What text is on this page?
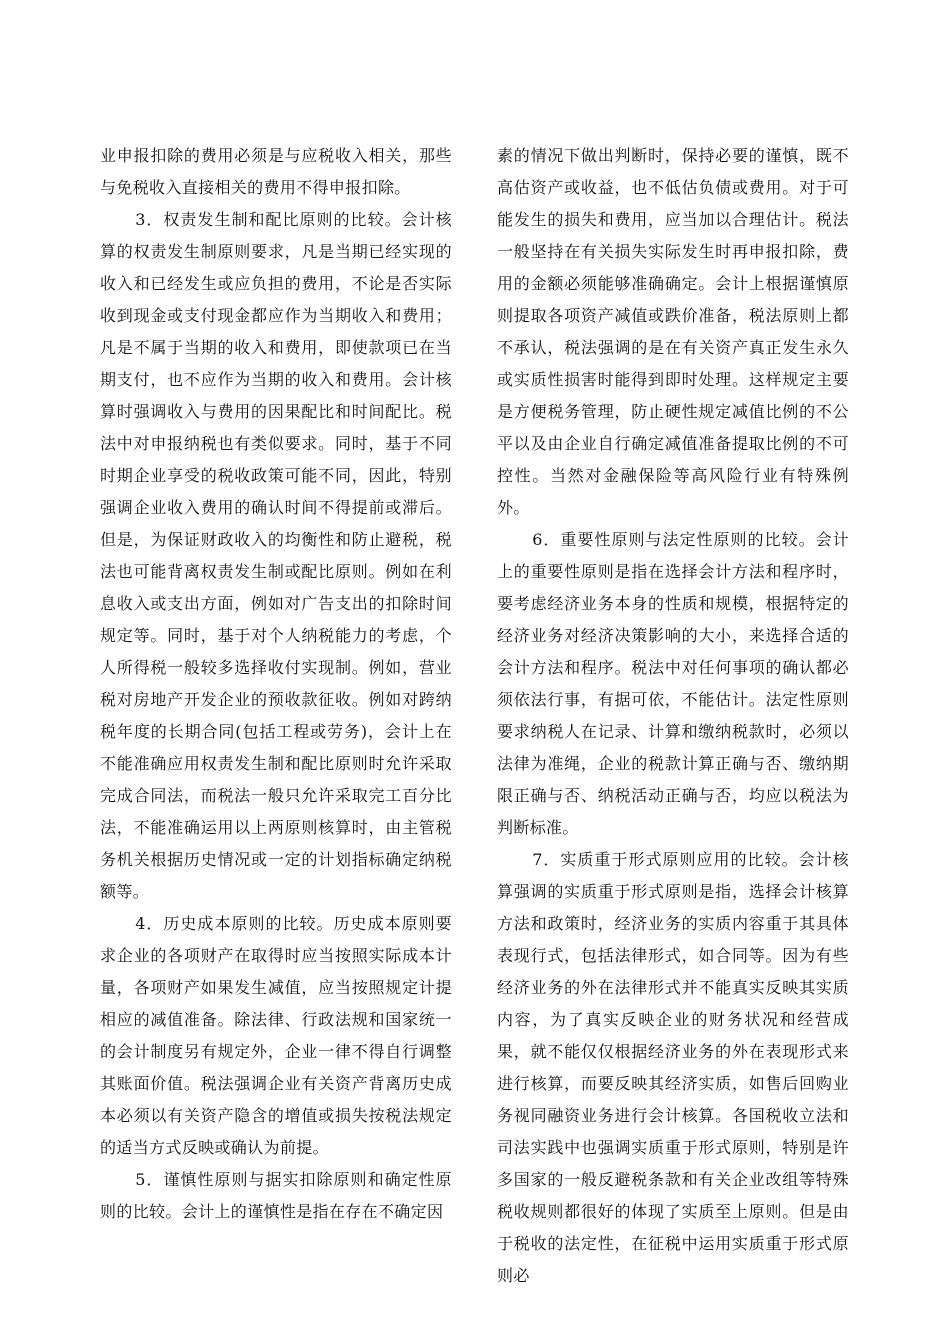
业申报扣除的费用必须是与应税收入相关，那些与免税收入直接相关的费用不得申报扣除。

3．权责发生制和配比原则的比较。会计核算的权责发生制原则要求，凡是当期已经实现的收入和已经发生或应负担的费用，不论是否实际收到现金或支付现金都应作为当期收入和费用；凡是不属于当期的收入和费用，即使款项已在当期支付，也不应作为当期的收入和费用。会计核算时强调收入与费用的因果配比和时间配比。税法中对申报纳税也有类似要求。同时，基于不同时期企业享受的税收政策可能不同，因此，特别强调企业收入费用的确认时间不得提前或滞后。但是，为保证财政收入的均衡性和防止避税，税法也可能背离权责发生制或配比原则。例如在利息收入或支出方面，例如对广告支出的扣除时间规定等。同时，基于对个人纳税能力的考虑，个人所得税一般较多选择收付实现制。例如，营业税对房地产开发企业的预收款征收。例如对跨纳税年度的长期合同(包括工程或劳务)，会计上在不能准确应用权责发生制和配比原则时允许采取完成合同法，而税法一般只允许采取完工百分比法，不能准确运用以上两原则核算时，由主管税务机关根据历史情况或一定的计划指标确定纳税额等。

4．历史成本原则的比较。历史成本原则要求企业的各项财产在取得时应当按照实际成本计量，各项财产如果发生减值，应当按照规定计提相应的减值准备。除法律、行政法规和国家统一的会计制度另有规定外，企业一律不得自行调整其账面价值。税法强调企业有关资产背离历史成本必须以有关资产隐含的增值或损失按税法规定的适当方式反映或确认为前提。

5．谨慎性原则与据实扣除原则和确定性原则的比较。会计上的谨慎性是指在存在不确定因

素的情况下做出判断时，保持必要的谨慎，既不高估资产或收益，也不低估负债或费用。对于可能发生的损失和费用，应当加以合理估计。税法一般坚持在有关损失实际发生时再申报扣除，费用的金额必须能够准确确定。会计上根据谨慎原则提取各项资产减值或跌价准备，税法原则上都不承认，税法强调的是在有关资产真正发生永久或实质性损害时能得到即时处理。这样规定主要是方便税务管理，防止硬性规定减值比例的不公平以及由企业自行确定减值准备提取比例的不可控性。当然对金融保险等高风险行业有特殊例外。

6．重要性原则与法定性原则的比较。会计上的重要性原则是指在选择会计方法和程序时，要考虑经济业务本身的性质和规模，根据特定的经济业务对经济决策影响的大小，来选择合适的会计方法和程序。税法中对任何事项的确认都必须依法行事，有据可依，不能估计。法定性原则要求纳税人在记录、计算和缴纳税款时，必须以法律为准绳，企业的税款计算正确与否、缴纳期限正确与否、纳税活动正确与否，均应以税法为判断标准。

7．实质重于形式原则应用的比较。会计核算强调的实质重于形式原则是指，选择会计核算方法和政策时，经济业务的实质内容重于其具体表现行式，包括法律形式，如合同等。因为有些经济业务的外在法律形式并不能真实反映其实质内容，为了真实反映企业的财务状况和经营成果，就不能仅仅根据经济业务的外在表现形式来进行核算，而要反映其经济实质，如售后回购业务视同融资业务进行会计核算。各国税收立法和司法实践中也强调实质重于形式原则，特别是许多国家的一般反避税条款和有关企业改组等特殊税收规则都很好的体现了实质至上原则。但是由于税收的法定性，在征税中运用实质重于形式原则必
